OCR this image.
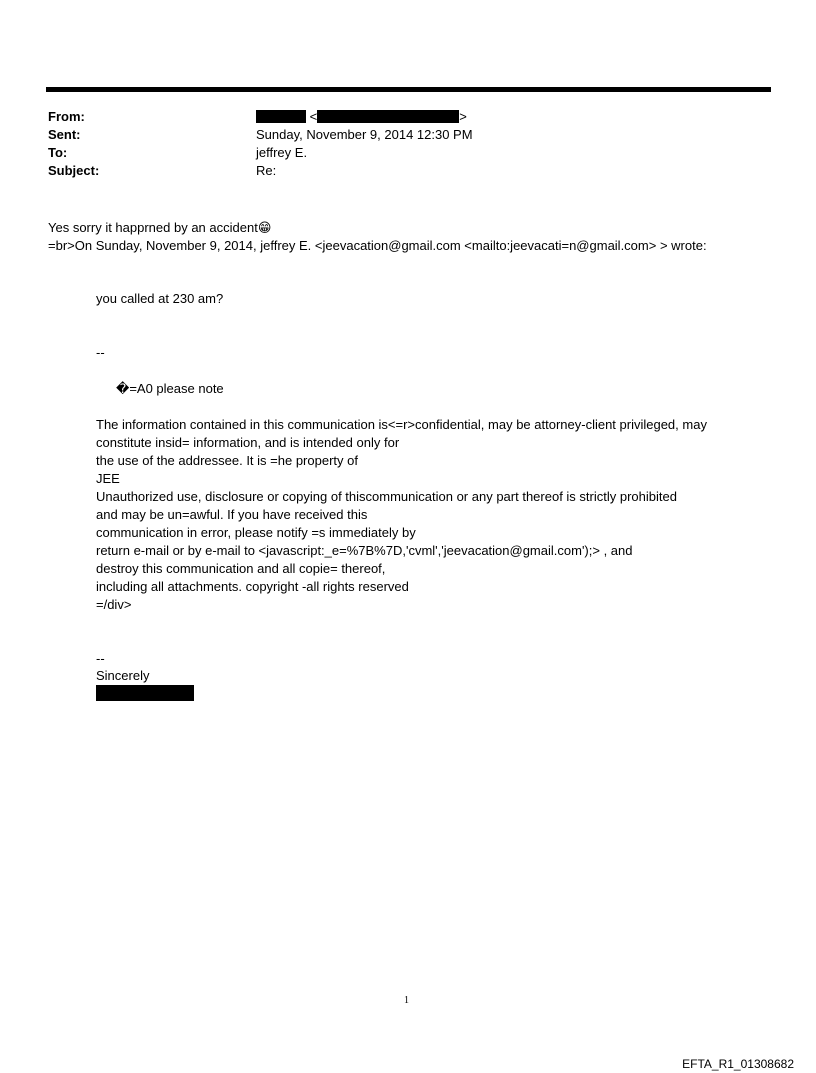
From:	<	>
Sent:	Sunday, November 9, 2014 12:30 PM
To:	jeffrey E.
Subject:	Re:
Yes sorry it happrned by an accident😁
=br>On Sunday, November 9, 2014, jeffrey E. <jeevacation@gmail.com <mailto:jeevacati=n@gmail.com> > wrote:
you called at 230 am?
--
�=A0 please note
The information contained in this communication is<=r>confidential, may be attorney-client privileged, may
constitute insid= information, and is intended only for
the use of the addressee. It is =he property of
JEE
Unauthorized use, disclosure or copying of thiscommunication or any part thereof is strictly prohibited
and may be un=awful. If you have received this
communication in error, please notify =s immediately by
return e-mail or by e-mail to <javascript:_e=%7B%7D,'cvml','jeevacation@gmail.com');> , and
destroy this communication and all copie= thereof,
including all attachments. copyright -all rights reserved
=/div>
--
Sincerely
1
EFTA_R1_01308682
